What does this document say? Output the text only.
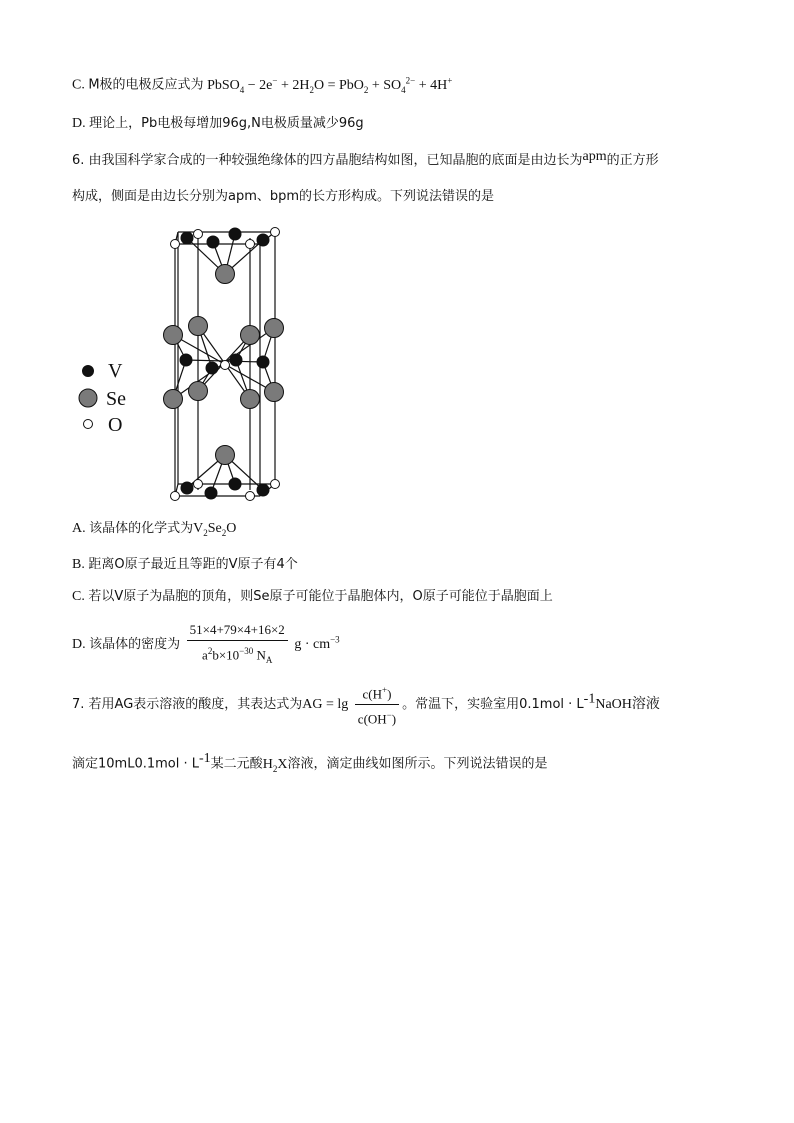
C. M极的电极反应式为 PbSO$_4$ − $2e^- + 2H_2O = PbO_2 + SO_4^{2-} + 4H^+$
D. 理论上，Pb电极每增加96g,N电极质量减少96g
6. 由我国科学家合成的一种较强绝缘体的四方晶胞结构如图，已知晶胞的底面是由边长为apm的正方形
构成，侧面是由边长分别为apm、bpm的长方形构成。下列说法错误的是
V
Se
O
A. 该晶体的化学式为$V_2Se_2O$
B. 距离O原子最近且等距的V原子有4个
C. 若以V原子为晶胞的顶角，则Se原子可能位于晶胞体内，O原子可能位于晶胞面上
D. 该晶体的密度为 $\frac{51\times 4+79\times 4+16\times 2}{a^2b\times 10^{-30} N_A}$ $g \cdot cm^{-3}$
7. 若用AG表示溶液的酸度，其表达式为AG = $\lg \frac{c(H^+)}{c(OH^-)}$ 。常温下，实验室用$0.1mol \cdot L^{-1}NaOH$溶液
滴定$10mL0.1mol \cdot L^{-1}$某二元酸$H_2X$溶液，滴定曲线如图所示。下列说法错误的是
